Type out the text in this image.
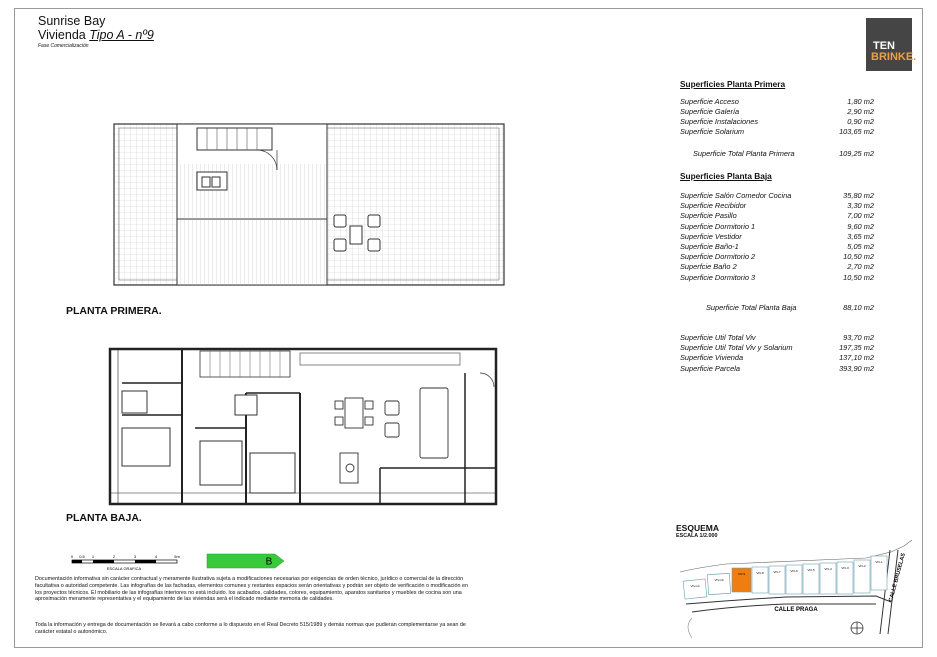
Sunrise Bay
Vivienda Tipo A - nº9
Fase Comercialización	TEN
BRINKE.
Superficies Planta Primera
Superficie Acceso	1,80 m2
Superficie Galería	2,90 m2
Superficie Instalaciones	0,90 m2
Superficie Solarium	103,65 m2
Superficie Total Planta Primera	109,25 m2
Superficies Planta Baja
Superficie Salón Comedor Cocina	35,80 m2
Superficie Recibidor	3,30 m2
Superficie Pasillo	7,00 m2
Superficie Dormitorio 1	9,60 m2
Superficie Vestidor	3,65 m2
Superficie Baño-1	5,05 m2
Superficie Dormitorio 2	10,50 m2
Superfcie Baño 2	2,70 m2
Superficie Dormitorio 3	10,50 m2
Superficie Total Planta Baja	88,10 m2
Superficie Util Total Viv	93,70 m2
Superficie Util Total Viv y Solarium	197,35 m2
Superficie Vivienda	137,10 m2
Superficie Parcela	393,90 m2
PLANTA PRIMERA.
PLANTA BAJA.
0 0.5 1	2	3	4	5m
ESCALA GRAFICA
B
Documentación informativa sin carácter contractual y meramente ilustrativa sujeta a modificaciones necesarias por exigencias de orden técnico, jurídico o comercial de la dirección facultativa o autoridad competente. Las infografías de las fachadas, elementos comunes y restantes espacios serán orientativas y podrán ser objeto de verificación o modificación en los proyectos técnicos. El mobiliario de las infografías interiores no está incluido. los acabados, calidades, colores, equipamiento, aparatos sanitarios y muebles de cocina son una aproximación meramente representativa y el equipamiento de las viviendas será el indicado mediante memoria de calidades.
Toda la información y entrega de documentación se llevará a cabo conforme a lo dispuesto en el Real Decreto 515/1989 y demás normas que pudieran complementarse ya sean de carácter estatal o autonómico.
ESQUEMA
ESCALA 1/2.000
VIV-14
VIV-10
VIV-9	VIV-8	VIV-7	VIV-6	VIV-5	VIV-4	VIV-3	VIV-2
VIV-1
CALLE PRAGA
CALLE BRUSELAS
